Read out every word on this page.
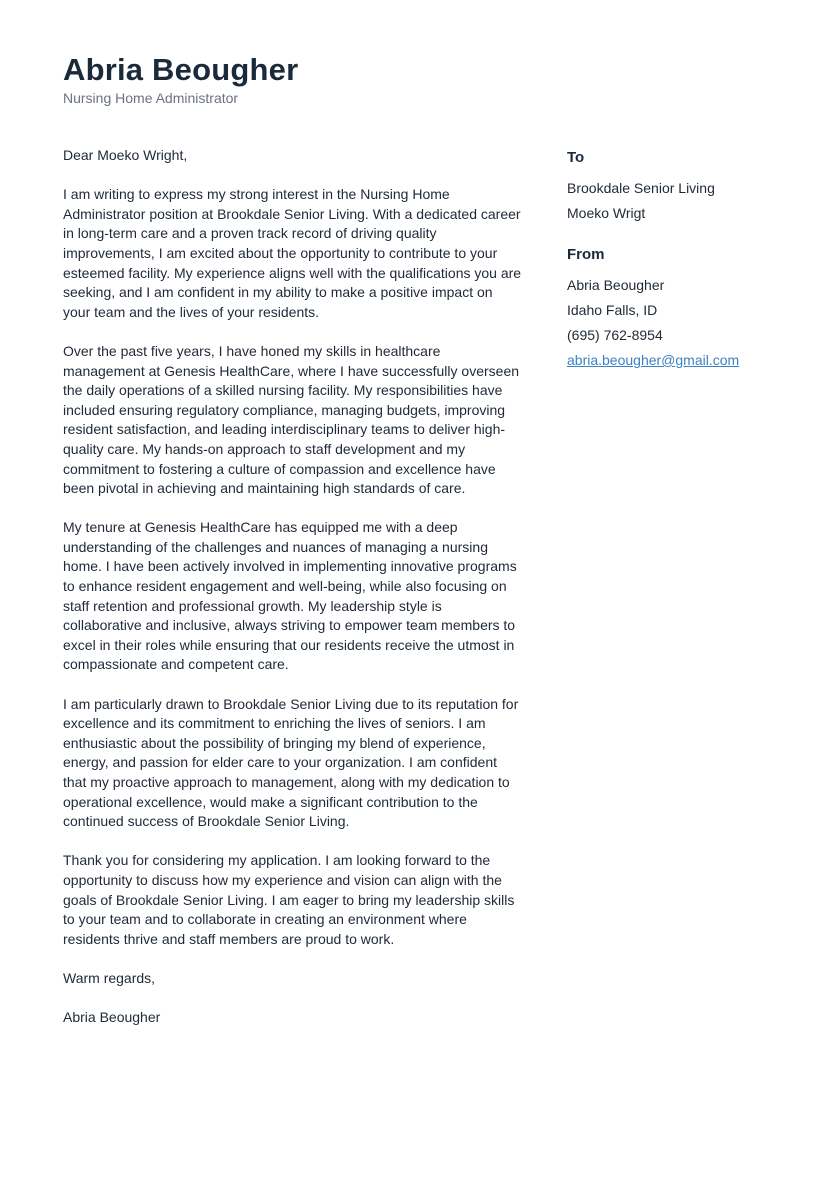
Abria Beougher
Nursing Home Administrator

Dear Moeko Wright,

I am writing to express my strong interest in the Nursing Home Administrator position at Brookdale Senior Living. With a dedicated career in long-term care and a proven track record of driving quality improvements, I am excited about the opportunity to contribute to your esteemed facility. My experience aligns well with the qualifications you are seeking, and I am confident in my ability to make a positive impact on your team and the lives of your residents.

Over the past five years, I have honed my skills in healthcare management at Genesis HealthCare, where I have successfully overseen the daily operations of a skilled nursing facility. My responsibilities have included ensuring regulatory compliance, managing budgets, improving resident satisfaction, and leading interdisciplinary teams to deliver high-quality care. My hands-on approach to staff development and my commitment to fostering a culture of compassion and excellence have been pivotal in achieving and maintaining high standards of care.

My tenure at Genesis HealthCare has equipped me with a deep understanding of the challenges and nuances of managing a nursing home. I have been actively involved in implementing innovative programs to enhance resident engagement and well-being, while also focusing on staff retention and professional growth. My leadership style is collaborative and inclusive, always striving to empower team members to excel in their roles while ensuring that our residents receive the utmost in compassionate and competent care.

I am particularly drawn to Brookdale Senior Living due to its reputation for excellence and its commitment to enriching the lives of seniors. I am enthusiastic about the possibility of bringing my blend of experience, energy, and passion for elder care to your organization. I am confident that my proactive approach to management, along with my dedication to operational excellence, would make a significant contribution to the continued success of Brookdale Senior Living.

Thank you for considering my application. I am looking forward to the opportunity to discuss how my experience and vision can align with the goals of Brookdale Senior Living. I am eager to bring my leadership skills to your team and to collaborate in creating an environment where residents thrive and staff members are proud to work.

Warm regards,

Abria Beougher

To
Brookdale Senior Living
Moeko Wrigt
From
Abria Beougher
Idaho Falls, ID
(695) 762-8954
abria.beougher@gmail.com
